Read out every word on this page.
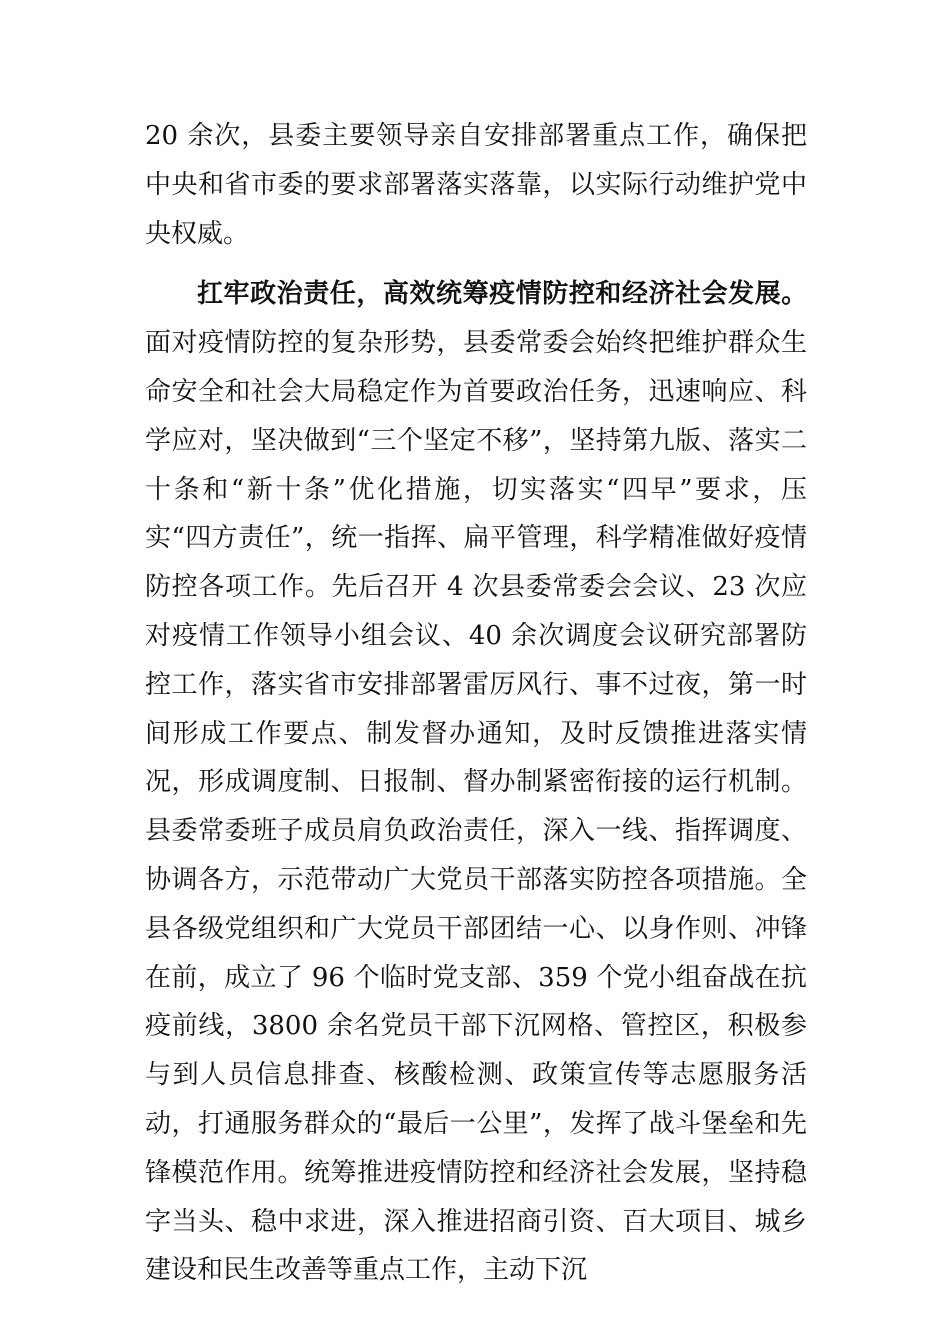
20 余次，县委主要领导亲自安排部署重点工作，确保把中央和省市委的要求部署落实落靠，以实际行动维护党中央权威。

扛牢政治责任，高效统筹疫情防控和经济社会发展。面对疫情防控的复杂形势，县委常委会始终把维护群众生命安全和社会大局稳定作为首要政治任务，迅速响应、科学应对，坚决做到“三个坚定不移”，坚持第九版、落实二十条和“新十条”优化措施，切实落实“四早”要求，压实“四方责任”，统一指挥、扁平管理，科学精准做好疫情防控各项工作。先后召开 4 次县委常委会会议、23 次应对疫情工作领导小组会议、40 余次调度会议研究部署防控工作，落实省市安排部署雷厉风行、事不过夜，第一时间形成工作要点、制发督办通知，及时反馈推进落实情况，形成调度制、日报制、督办制紧密衔接的运行机制。县委常委班子成员肩负政治责任，深入一线、指挥调度、协调各方，示范带动广大党员干部落实防控各项措施。全县各级党组织和广大党员干部团结一心、以身作则、冲锋在前，成立了 96 个临时党支部、359 个党小组奋战在抗疫前线，3800 余名党员干部下沉网格、管控区，积极参与到人员信息排查、核酸检测、政策宣传等志愿服务活动，打通服务群众的“最后一公里”，发挥了战斗堡垒和先锋模范作用。统筹推进疫情防控和经济社会发展，坚持稳字当头、稳中求进，深入推进招商引资、百大项目、城乡建设和民生改善等重点工作，主动下沉
